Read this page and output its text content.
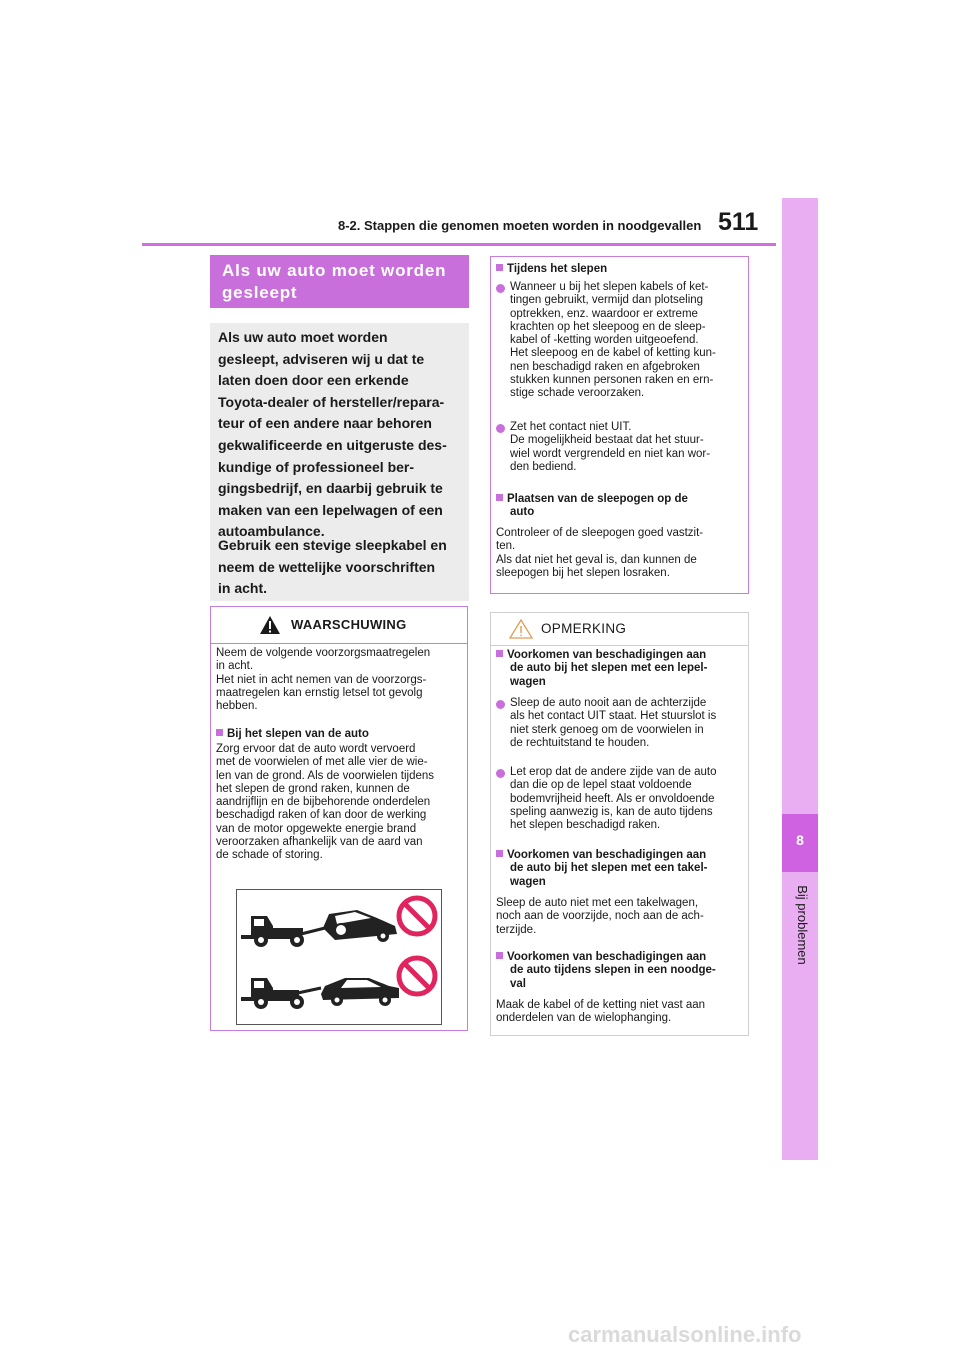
8-2. Stappen die genomen moeten worden in noodgevallen 511
8
Bij problemen
Als uw auto moet worden
gesleept
Als uw auto moet worden
gesleept, adviseren wij u dat te
laten doen door een erkende
Toyota-dealer of hersteller/repara-
teur of een andere naar behoren
gekwalificeerde en uitgeruste des-
kundige of professioneel ber-
gingsbedrijf, en daarbij gebruik te
maken van een lepelwagen of een
autoambulance.
Gebruik een stevige sleepkabel en
neem de wettelijke voorschriften
in acht.
WAARSCHUWING
Neem de volgende voorzorgsmaatregelen
in acht.
Het niet in acht nemen van de voorzorgs-
maatregelen kan ernstig letsel tot gevolg
hebben.
Bij het slepen van de auto
Zorg ervoor dat de auto wordt vervoerd
met de voorwielen of met alle vier de wie-
len van de grond. Als de voorwielen tijdens
het slepen de grond raken, kunnen de
aandrijflijn en de bijbehorende onderdelen
beschadigd raken of kan door de werking
van de motor opgewekte energie brand
veroorzaken afhankelijk van de aard van
de schade of storing.
Tijdens het slepen
Wanneer u bij het slepen kabels of ket-
tingen gebruikt, vermijd dan plotseling
optrekken, enz. waardoor er extreme
krachten op het sleepoog en de sleep-
kabel of -ketting worden uitgeoefend.
Het sleepoog en de kabel of ketting kun-
nen beschadigd raken en afgebroken
stukken kunnen personen raken en ern-
stige schade veroorzaken.
Zet het contact niet UIT.
De mogelijkheid bestaat dat het stuur-
wiel wordt vergrendeld en niet kan wor-
den bediend.
Plaatsen van de sleepogen op de
auto
Controleer of de sleepogen goed vastzit-
ten.
Als dat niet het geval is, dan kunnen de
sleepogen bij het slepen losraken.
OPMERKING
Voorkomen van beschadigingen aan
de auto bij het slepen met een lepel-
wagen
Sleep de auto nooit aan de achterzijde
als het contact UIT staat. Het stuurslot is
niet sterk genoeg om de voorwielen in
de rechtuitstand te houden.
Let erop dat de andere zijde van de auto
dan die op de lepel staat voldoende
bodemvrijheid heeft. Als er onvoldoende
speling aanwezig is, kan de auto tijdens
het slepen beschadigd raken.
Voorkomen van beschadigingen aan
de auto bij het slepen met een takel-
wagen
Sleep de auto niet met een takelwagen,
noch aan de voorzijde, noch aan de ach-
terzijde.
Voorkomen van beschadigingen aan
de auto tijdens slepen in een noodge-
val
Maak de kabel of de ketting niet vast aan
onderdelen van de wielophanging.
carmanualsonline.info
